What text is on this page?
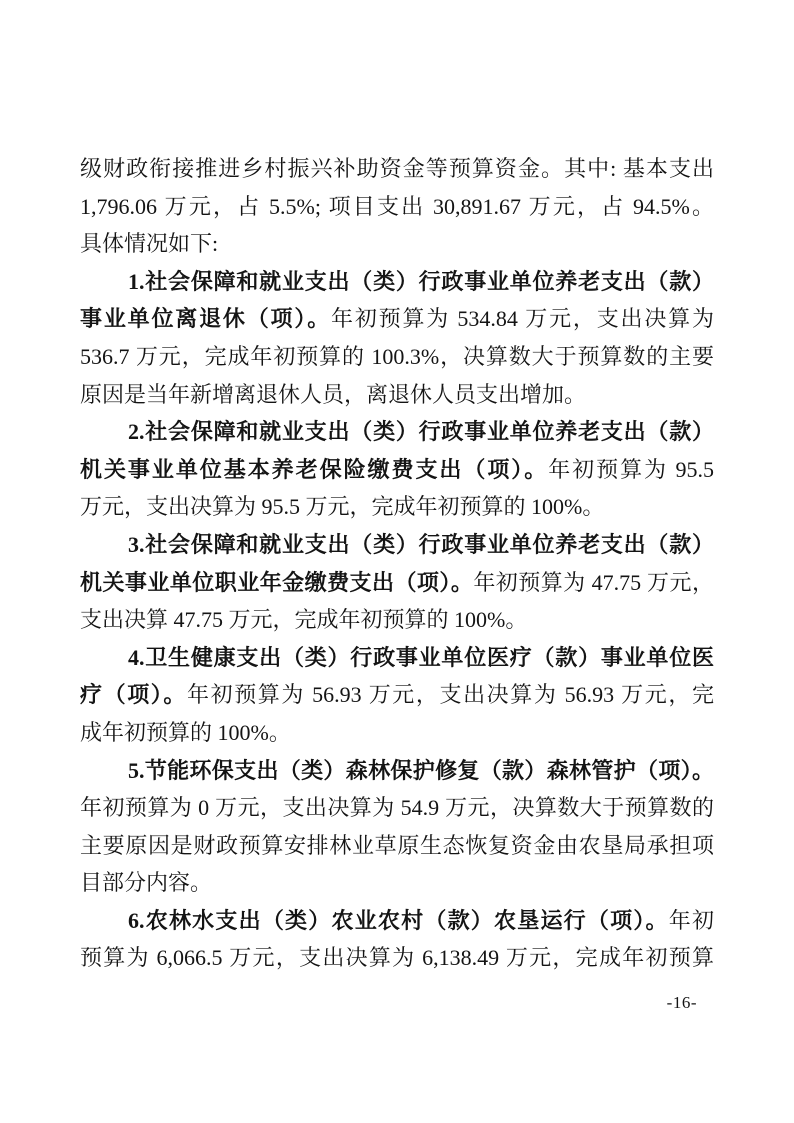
级财政衔接推进乡村振兴补助资金等预算资金。其中: 基本支出
1,796.06 万元，占 5.5%; 项目支出 30,891.67 万元，占 94.5%。
具体情况如下:
1.社会保障和就业支出（类）行政事业单位养老支出（款）
事业单位离退休（项）。年初预算为 534.84 万元，支出决算为
536.7 万元，完成年初预算的 100.3%，决算数大于预算数的主要
原因是当年新增离退休人员，离退休人员支出增加。
2.社会保障和就业支出（类）行政事业单位养老支出（款）
机关事业单位基本养老保险缴费支出（项）。年初预算为 95.5
万元，支出决算为 95.5 万元，完成年初预算的 100%。
3.社会保障和就业支出（类）行政事业单位养老支出（款）
机关事业单位职业年金缴费支出（项）。年初预算为 47.75 万元，
支出决算 47.75 万元，完成年初预算的 100%。
4.卫生健康支出（类）行政事业单位医疗（款）事业单位医
疗（项）。年初预算为 56.93 万元，支出决算为 56.93 万元，完
成年初预算的 100%。
5.节能环保支出（类）森林保护修复（款）森林管护（项）。
年初预算为 0 万元，支出决算为 54.9 万元，决算数大于预算数的
主要原因是财政预算安排林业草原生态恢复资金由农垦局承担项
目部分内容。
6.农林水支出（类）农业农村（款）农垦运行（项）。年初
预算为 6,066.5 万元，支出决算为 6,138.49 万元，完成年初预算
-16-
